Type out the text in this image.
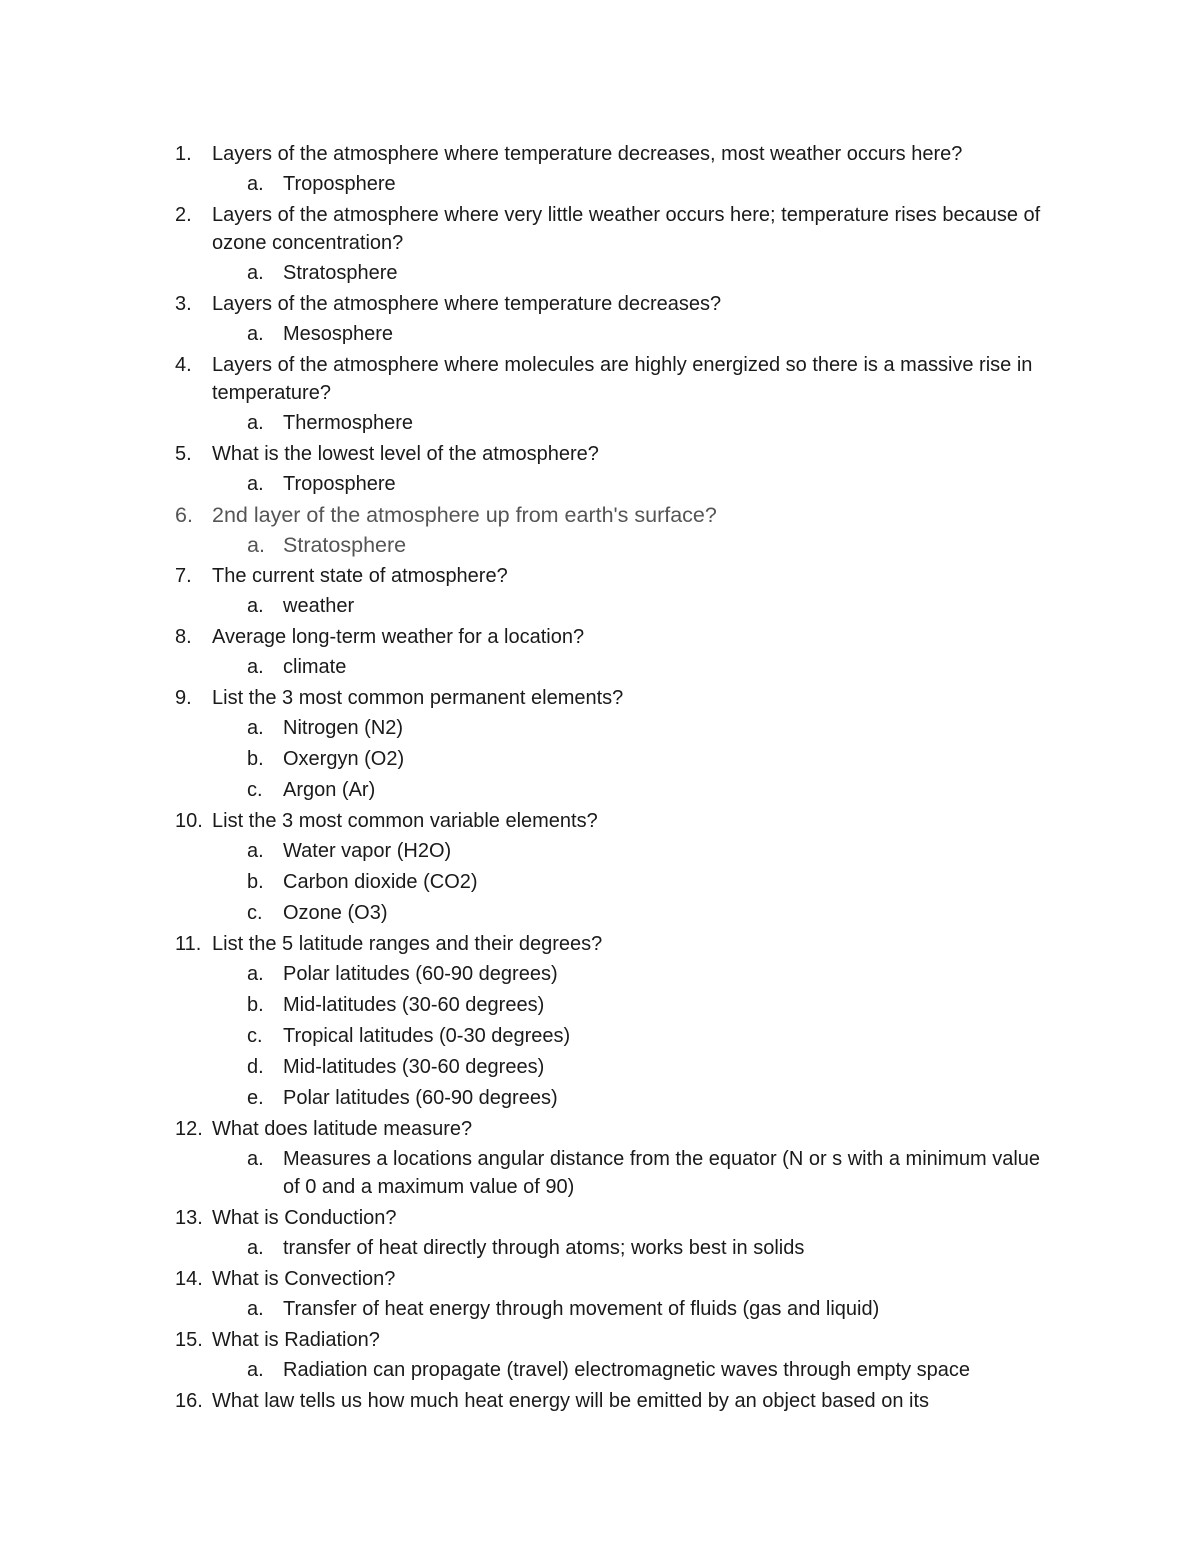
1. Layers of the atmosphere where temperature decreases, most weather occurs here?
a. Troposphere
2. Layers of the atmosphere where very little weather occurs here; temperature rises because of ozone concentration?
a. Stratosphere
3. Layers of the atmosphere where temperature decreases?
a. Mesosphere
4. Layers of the atmosphere where molecules are highly energized so there is a massive rise in temperature?
a. Thermosphere
5. What is the lowest level of the atmosphere?
a. Troposphere
6. 2nd layer of the atmosphere up from earth's surface?
a. Stratosphere
7. The current state of atmosphere?
a. weather
8. Average long-term weather for a location?
a. climate
9. List the 3 most common permanent elements?
a. Nitrogen (N2)
b. Oxergyn (O2)
c. Argon (Ar)
10. List the 3 most common variable elements?
a. Water vapor (H2O)
b. Carbon dioxide (CO2)
c. Ozone (O3)
11. List the 5 latitude ranges and their degrees?
a. Polar latitudes (60-90 degrees)
b. Mid-latitudes (30-60 degrees)
c. Tropical latitudes (0-30 degrees)
d. Mid-latitudes (30-60 degrees)
e. Polar latitudes (60-90 degrees)
12. What does latitude measure?
a. Measures a locations angular distance from the equator (N or s with a minimum value of 0 and a maximum value of 90)
13. What is Conduction?
a. transfer of heat directly through atoms; works best in solids
14. What is Convection?
a. Transfer of heat energy through movement of fluids (gas and liquid)
15. What is Radiation?
a. Radiation can propagate (travel) electromagnetic waves through empty space
16. What law tells us how much heat energy will be emitted by an object based on its
